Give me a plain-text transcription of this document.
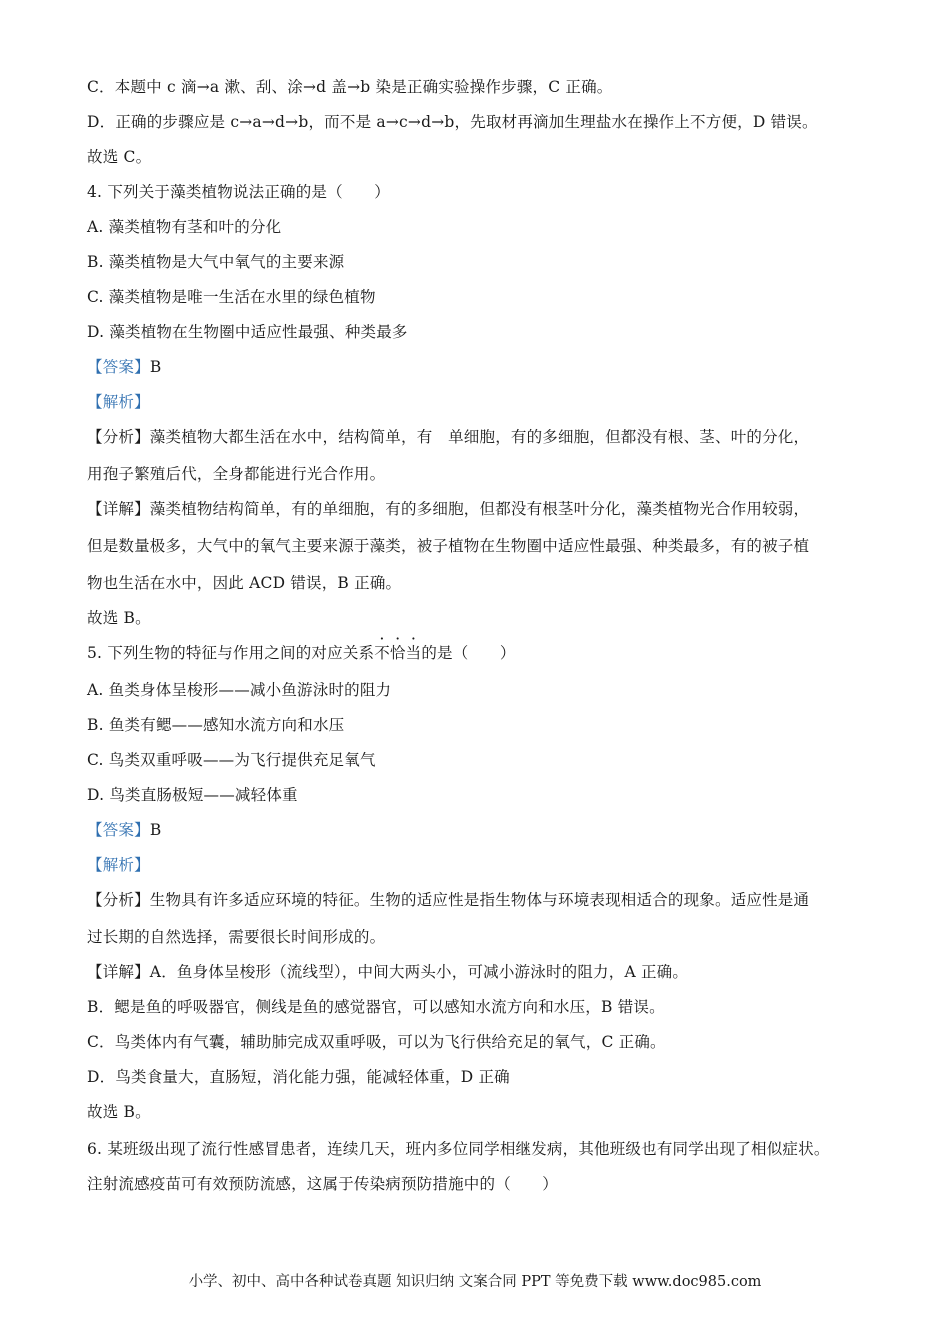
C．本题中 c 滴→a 漱、刮、涂→d 盖→b 染是正确实验操作步骤，C 正确。
D．正确的步骤应是 c→a→d→b，而不是 a→c→d→b，先取材再滴加生理盐水在操作上不方便，D 错误。
故选 C。
4. 下列关于藻类植物说法正确的是（　　）
A. 藻类植物有茎和叶的分化
B. 藻类植物是大气中氧气的主要来源
C. 藻类植物是唯一生活在水里的绿色植物
D. 藻类植物在生物圈中适应性最强、种类最多
【答案】B
【解析】
【分析】藻类植物大都生活在水中，结构简单，有　单细胞，有的多细胞，但都没有根、茎、叶的分化，
用孢子繁殖后代，全身都能进行光合作用。
【详解】藻类植物结构简单，有的单细胞，有的多细胞，但都没有根茎叶分化，藻类植物光合作用较弱，
但是数量极多，大气中的氧气主要来源于藻类，被子植物在生物圈中适应性最强、种类最多，有的被子植
物也生活在水中，因此 ACD 错误，B 正确。
故选 B。
5. 下列生物的特征与作用之间的对应关系不恰当的是（　　）
A. 鱼类身体呈梭形——减小鱼游泳时的阻力
B. 鱼类有鳃——感知水流方向和水压
C. 鸟类双重呼吸——为飞行提供充足氧气
D. 鸟类直肠极短——减轻体重
【答案】B
【解析】
【分析】生物具有许多适应环境的特征。生物的适应性是指生物体与环境表现相适合的现象。适应性是通
过长期的自然选择，需要很长时间形成的。
【详解】A．鱼身体呈梭形（流线型），中间大两头小，可减小游泳时的阻力，A 正确。
B．鳃是鱼的呼吸器官，侧线是鱼的感觉器官，可以感知水流方向和水压，B 错误。
C．鸟类体内有气囊，辅助肺完成双重呼吸，可以为飞行供给充足的氧气，C 正确。
D．鸟类食量大，直肠短，消化能力强，能减轻体重，D 正确
故选 B。
6. 某班级出现了流行性感冒患者，连续几天，班内多位同学相继发病，其他班级也有同学出现了相似症状。
注射流感疫苗可有效预防流感，这属于传染病预防措施中的（　　）
小学、初中、高中各种试卷真题 知识归纳 文案合同 PPT 等免费下载 www.doc985.com
